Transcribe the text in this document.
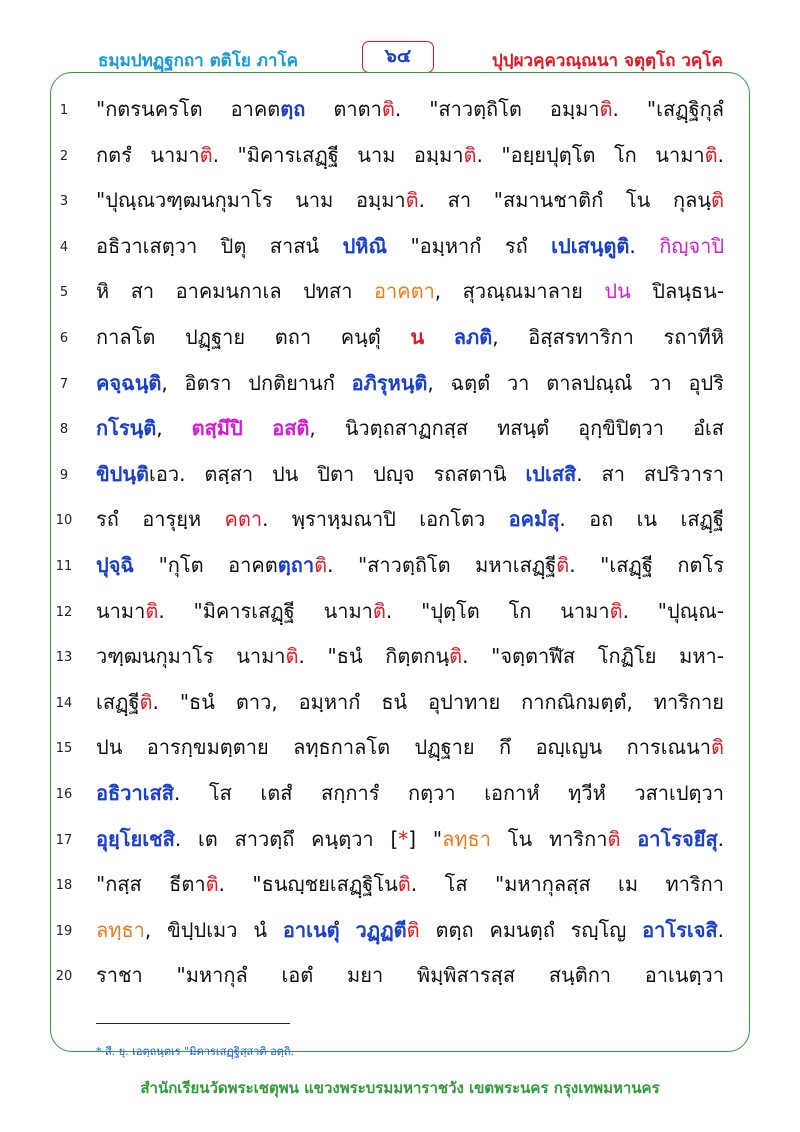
ธมฺมปทฏฺฐกถา ตติโย ภาโค	๖๔	ปุปฺผวคฺควณฺณนา จตุตฺโถ วคฺโค
1	"กตรนครโต อาคตตฺถ ตาตาติ. "สาวตฺถิโต อมฺมาติ. "เสฏฺฐิกุลํ
2	กตรํ นามาติ. "มิคารเสฏฺฐี นาม อมฺมาติ. "อยฺยปุตฺโต โก นามาติ.
3	"ปุณฺณวฑฺฒนกุมาโร นาม อมฺมาติ. สา "สมานชาติกํ โน กุลนฺติ
4	อธิวาเสตฺวา ปิตุ สาสนํ ปหิณิ "อมฺหากํ รถํ เปเสนฺตูติ. กิญฺจาปิ
5	หิ สา อาคมนกาเล ปทสา อาคตา, สุวณฺณมาลาย ปน ปิลนฺธน-
6	กาลโต ปฏฺฐาย ตถา คนฺตุํ น ลภติ, อิสฺสรทาริกา รถาทีหิ
7	คจฺฉนฺติ, อิตรา ปกติยานกํ อภิรุหนฺติ, ฉตฺตํ วา ตาลปณฺณํ วา อุปริ
8	กโรนฺติ, ตสฺมึปิ อสติ, นิวตฺถสาฏกสฺส ทสนฺตํ อุกฺขิปิตฺวา อํเส
9	ขิปนฺติเอว. ตสฺสา ปน ปิตา ปญฺจ รถสตานิ เปเสสิ. สา สปริวารา
10 รถํ อารุยฺห คตา. พฺราหฺมณาปิ เอกโตว อคมํสุ. อถ เน เสฏฺฐี
11 ปุจฺฉิ "กุโต อาคตตฺถาติ. "สาวตฺถิโต มหาเสฏฺฐีติ. "เสฏฺฐี กตโร
12 นามาติ. "มิคารเสฏฺฐี นามาติ. "ปุตฺโต โก นามาติ. "ปุณฺณ-
13 วฑฺฒนกุมาโร นามาติ. "ธนํ กิตฺตกนฺติ. "จตฺตาฬีส โกฏิโย มหา-
14 เสฏฺฐีติ. "ธนํ ตาว, อมฺหากํ ธนํ อุปาทาย กากณิกมตฺตํ, ทาริกาย
15 ปน อารกฺขมตฺตาย ลทฺธกาลโต ปฏฺฐาย กึ อญฺเญน การเณนาติ
16 อธิวาเสสิ. โส เตสํ สกฺการํ กตฺวา เอกาหํ ทฺวีหํ วสาเปตฺวา
17 อุยฺโยเชสิ. เต สาวตฺถึ คนฺตฺวา [*] "ลทฺธา โน ทาริกาติ อาโรจยึสุ.
18 "กสฺส ธีตาติ. "ธนญฺชยเสฏฺฐิโนติ. โส "มหากุลสฺส เม ทาริกา
19 ลทฺธา, ขิปฺปเมว นํ อาเนตุํ วฏฺฏตีติ ตตฺถ คมนตฺถํ รญฺโญ อาโรเจสิ.
20 ราชา "มหากุลํ เอตํ มยา พิมฺพิสารสฺส สนฺติกา อาเนตฺวา
* สี. ยุ. เอตฺถนฺตเร "มิคารเสฏฺฐิสฺสาติ อตฺถิ.
สำนักเรียนวัดพระเชตุพน แขวงพระบรมมหาราชวัง เขตพระนคร กรุงเทพมหานคร
